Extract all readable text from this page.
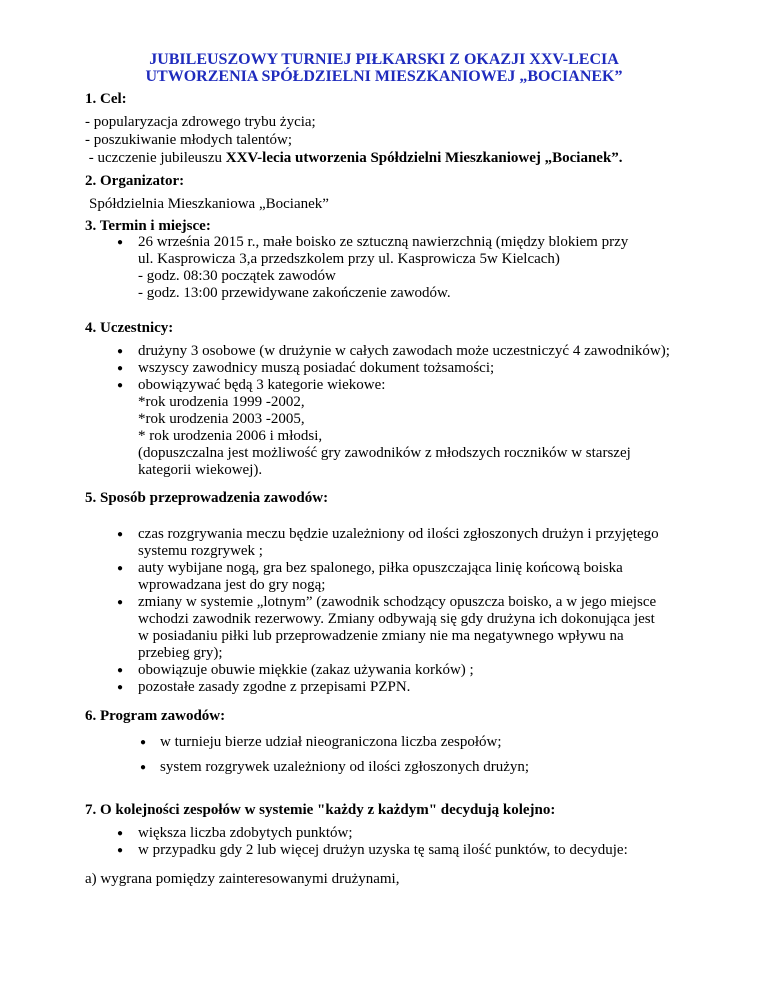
JUBILEUSZOWY TURNIEJ PIŁKARSKI Z OKAZJI XXV-LECIA
UTWORZENIA SPÓŁDZIELNI MIESZKANIOWEJ „BOCIANEK”
1. Cel:
- popularyzacja zdrowego trybu życia;
- poszukiwanie młodych talentów;
- uczczenie jubileuszu XXV-lecia utworzenia Spółdzielni Mieszkaniowej „Bocianek”.
2. Organizator:
Spółdzielnia Mieszkaniowa „Bocianek”
3. Termin i miejsce:
● 26 września 2015 r., małe boisko ze sztuczną nawierzchnią (między blokiem przy
ul. Kasprowicza 3,a przedszkolem przy ul. Kasprowicza 5w Kielcach)
- godz. 08:30 początek zawodów
- godz. 13:00 przewidywane zakończenie zawodów.
4. Uczestnicy:
● drużyny 3 osobowe (w drużynie w całych zawodach może uczestniczyć 4 zawodników);
● wszyscy zawodnicy muszą posiadać dokument tożsamości;
● obowiązywać będą 3 kategorie wiekowe:
*rok urodzenia 1999 -2002,
*rok urodzenia 2003 -2005,
* rok urodzenia 2006 i młodsi,
(dopuszczalna jest możliwość gry zawodników z młodszych roczników w starszej
kategorii wiekowej).
5. Sposób przeprowadzenia zawodów:
● czas rozgrywania meczu będzie uzależniony od ilości zgłoszonych drużyn i przyjętego
systemu rozgrywek ;
● auty wybijane nogą, gra bez spalonego, piłka opuszczająca linię końcową boiska
wprowadzana jest do gry nogą;
● zmiany w systemie „lotnym” (zawodnik schodzący opuszcza boisko, a w jego miejsce
wchodzi zawodnik rezerwowy. Zmiany odbywają się gdy drużyna ich dokonująca jest
w posiadaniu piłki lub przeprowadzenie zmiany nie ma negatywnego wpływu na
przebieg gry);
● obowiązuje obuwie miękkie (zakaz używania korków) ;
● pozostałe zasady zgodne z przepisami PZPN.
6. Program zawodów:
● w turnieju bierze udział nieograniczona liczba zespołów;
● system rozgrywek uzależniony od ilości zgłoszonych drużyn;
7. O kolejności zespołów w systemie "każdy z każdym" decydują kolejno:
● większa liczba zdobytych punktów;
● w przypadku gdy 2 lub więcej drużyn uzyska tę samą ilość punktów, to decyduje:
a) wygrana pomiędzy zainteresowanymi drużynami,
